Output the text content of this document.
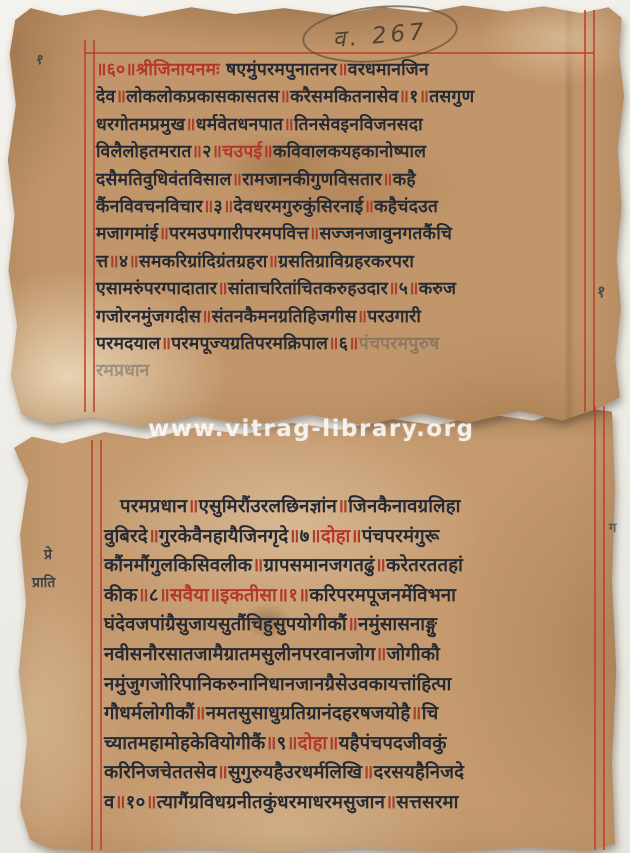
॥६०॥श्रीजिनायनमः षएमुंपरमपुनातनर॥वरधमानजिन
देव॥लोकलोकप्रकासकासतस॥करैसमकितनासेव॥१॥तसगुण
धरगोतमप्रमुख॥धर्मवेतधनपात॥तिनसेवइनविजनसदा
विलैलोहतमरात॥२॥चउपई॥कविवालकयहकानोष्पाल
दसैमतिवुधिवंतविसाल॥रामजानकीगुणविसतार॥कहै
कैंनविवचनविचार॥३॥देवधरमगुरुकुंसिरनाई॥कहैचंदउत
मजागमांई॥परमउपगारीपरमपवित्त॥सज्जनजावुनगतकैंचि
त्त॥४॥समकरिग्रांदिग्रंतग्रहरा॥ग्रसतिग्राविग्रहरकरपरा
एसामरुंपरग्पादातार॥सांताचरितांचितकरुहउदार॥५॥करुज
गजोरनमुंजगदीस॥संतनकैमनग्रतिहिजगीस॥परउगारी
परमदयाल॥परमपूज्यग्रतिपरमक्रिपाल॥६॥पंचपरमपुरुष
रमप्रधान
परमप्रधान॥एसुमिरौंउरलछिनज्ञांन॥जिनकैनावग्रलिहा
वुबिरदे॥गुरकेवैनहायैजिनगृदे॥७॥दोहा॥पंचपरमंगुरू
कौंनमौंगुलकिसिवलीक॥ग्रापसमानजगतढुं॥करेतरततहां
कीक॥८॥सवैया॥इकतीसा॥१॥करिपरमपूजनमेंविभना
घंदेवजपांग्रैसुजायसुतौंचिहुसुपयोगीकौं॥नमुंसासनाङ्गु
नवीसनौरसातजामैग्रातमसुलीनपरवानजोग॥जोगीकौ
नमुंजुगजोरिपानिकरुनानिधानजानग्रैसेउवकायत्तांहित्पा
गौधर्मलोगीकौं॥नमतसुसाधुग्रतिग्रानंदहरषजयोहै॥चि
च्यातमहामोहकेवियोगीकैं॥९॥दोहा॥यहैपंचपदजीवकुं
करिनिजचेततसेव॥सुगुरुयहैउरधर्मलिखि॥दरसयहैनिजदे
व॥१०॥त्यागैंग्रविधग्रनीतकुंधरमाधरमसुजान॥सत्तसरमा
१
१
प्रे
प्राति
ग
व. 267
www.vitrag-library.org
